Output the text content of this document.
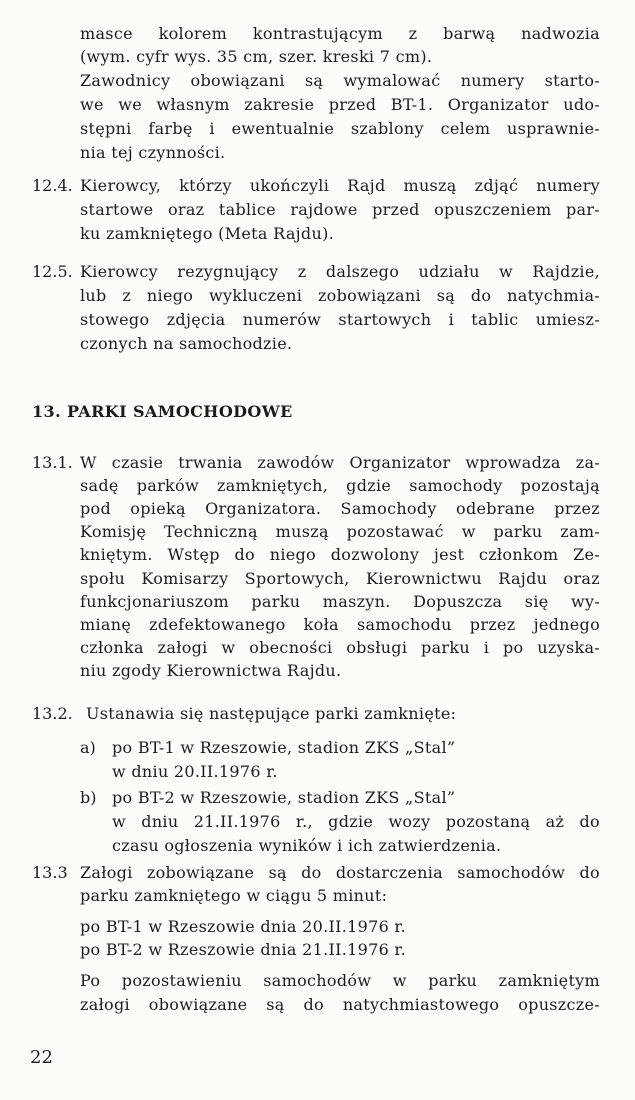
masce kolorem kontrastującym z barwą nadwozia

(wym. cyfr wys. 35 cm, szer. kreski 7 cm).

Zawodnicy obowiązani są wymalować numery starto-

we we własnym zakresie przed BT-1. Organizator udo-

stępni farbę i ewentualnie szablony celem usprawnie-

nia tej czynności.

12.4. Kierowcy, którzy ukończyli Rajd muszą zdjąć numery

startowe oraz tablice rajdowe przed opuszczeniem par-

ku zamkniętego (Meta Rajdu).

12.5. Kierowcy rezygnujący z dalszego udziału w Rajdzie,

lub z niego wykluczeni zobowiązani są do natychmia-

stowego zdjęcia numerów startowych i tablic umiesz-

czonych na samochodzie.

13. PARKI SAMOCHODOWE

13.1. W czasie trwania zawodów Organizator wprowadza za-

sadę parków zamkniętych, gdzie samochody pozostają

pod opieką Organizatora. Samochody odebrane przez

Komisję Techniczną muszą pozostawać w parku zam-

kniętym. Wstęp do niego dozwolony jest członkom Ze-

społu Komisarzy Sportowych, Kierownictwu Rajdu oraz

funkcjonariuszom parku maszyn. Dopuszcza się wy-

mianę zdefektowanego koła samochodu przez jednego

członka załogi w obecności obsługi parku i po uzyska-

niu zgody Kierownictwa Rajdu.

13.2. Ustanawia się następujące parki zamknięte:

a) po BT-1 w Rzeszowie, stadion ZKS „Stal”

w dniu 20.II.1976 r.

b) po BT-2 w Rzeszowie, stadion ZKS „Stal”

w dniu 21.II.1976 r., gdzie wozy pozostaną aż do

czasu ogłoszenia wyników i ich zatwierdzenia.

13.3 Załogi zobowiązane są do dostarczenia samochodów do

parku zamkniętego w ciągu 5 minut:

po BT-1 w Rzeszowie dnia 20.II.1976 r.

po BT-2 w Rzeszowie dnia 21.II.1976 r.

Po pozostawieniu samochodów w parku zamkniętym

załogi obowiązane są do natychmiastowego opuszcze-

22
